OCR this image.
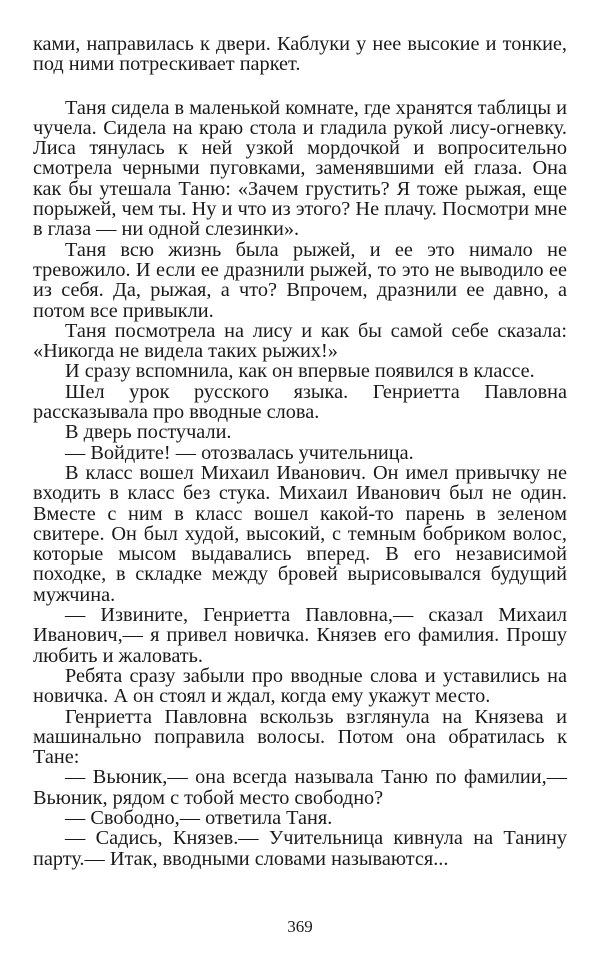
ками, направилась к двери. Каблуки у нее высокие и тонкие, под ними потрескивает паркет.

Таня сидела в маленькой комнате, где хранятся таблицы и чучела. Сидела на краю стола и гладила рукой лису-огневку. Лиса тянулась к ней узкой мордочкой и вопросительно смотрела черными пуговками, заменявшими ей глаза. Она как бы утешала Таню: «Зачем грустить? Я тоже рыжая, еще порыжей, чем ты. Ну и что из этого? Не плачу. Посмотри мне в глаза — ни одной слезинки».

Таня всю жизнь была рыжей, и ее это нимало не тревожило. И если ее дразнили рыжей, то это не выводило ее из себя. Да, рыжая, а что? Впрочем, дразнили ее давно, а потом все привыкли.

Таня посмотрела на лису и как бы самой себе сказала: «Никогда не видела таких рыжих!»

И сразу вспомнила, как он впервые появился в классе.

Шел урок русского языка. Генриетта Павловна рассказывала про вводные слова.

В дверь постучали.

— Войдите! — отозвалась учительница.

В класс вошел Михаил Иванович. Он имел привычку не входить в класс без стука. Михаил Иванович был не один. Вместе с ним в класс вошел какой-то парень в зеленом свитере. Он был худой, высокий, с темным бобриком волос, которые мысом выдавались вперед. В его независимой походке, в складке между бровей вырисовывался будущий мужчина.

— Извините, Генриетта Павловна,— сказал Михаил Иванович,— я привел новичка. Князев его фамилия. Прошу любить и жаловать.

Ребята сразу забыли про вводные слова и уставились на новичка. А он стоял и ждал, когда ему укажут место.

Генриетта Павловна вскользь взглянула на Князева и машинально поправила волосы. Потом она обратилась к Тане:

— Вьюник,— она всегда называла Таню по фамилии,— Вьюник, рядом с тобой место свободно?

— Свободно,— ответила Таня.

— Садись, Князев.— Учительница кивнула на Танину парту.— Итак, вводными словами называются...

369
